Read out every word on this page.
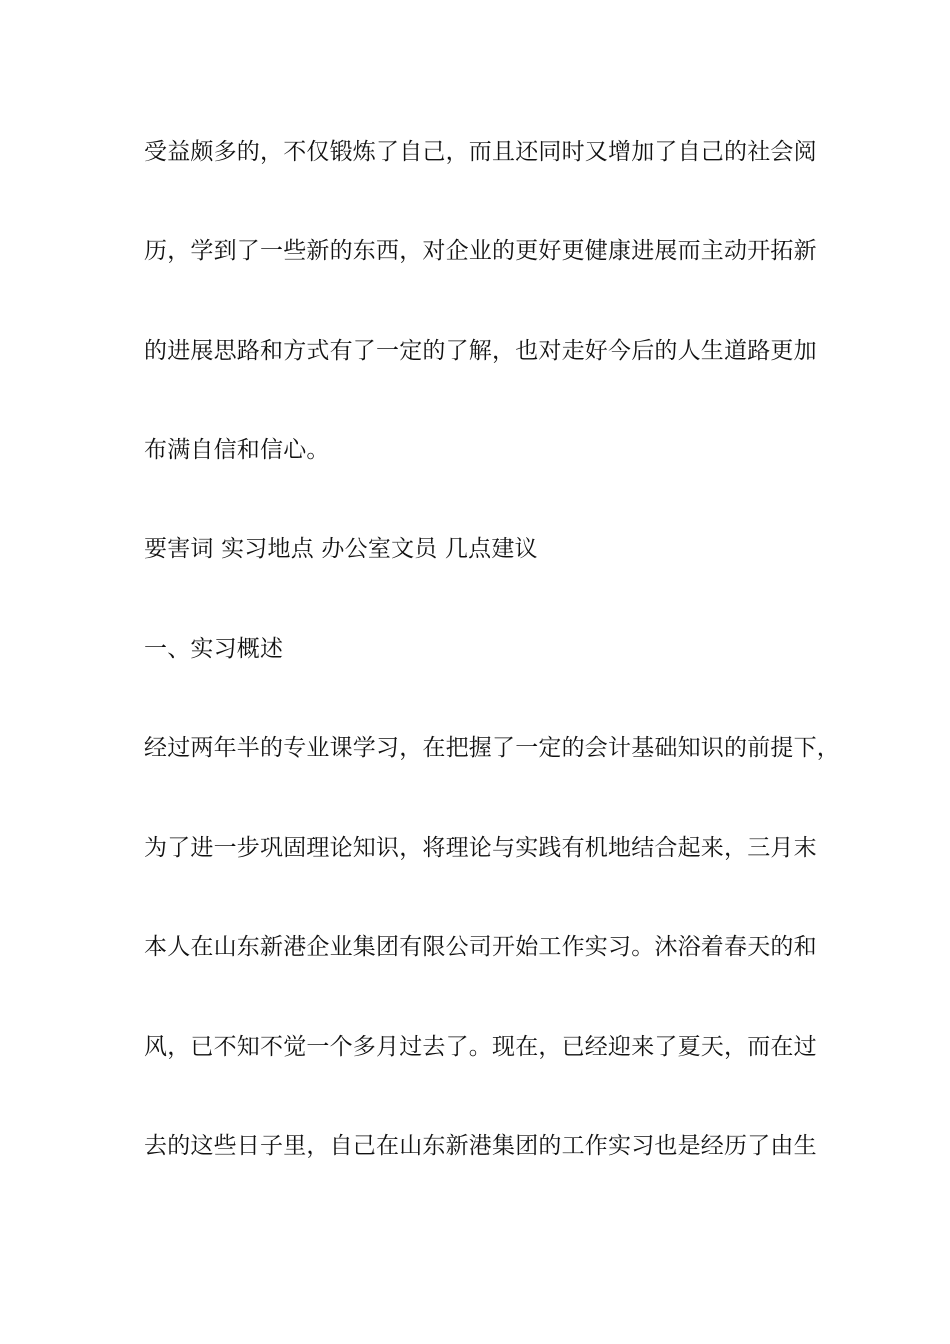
受益颇多的，不仅锻炼了自己，而且还同时又增加了自己的社会阅
历，学到了一些新的东西，对企业的更好更健康进展而主动开拓新
的进展思路和方式有了一定的了解，也对走好今后的人生道路更加
布满自信和信心。
要害词 实习地点 办公室文员 几点建议
一、实习概述
经过两年半的专业课学习，在把握了一定的会计基础知识的前提下，
为了进一步巩固理论知识，将理论与实践有机地结合起来，三月末
本人在山东新港企业集团有限公司开始工作实习。沐浴着春天的和
风，已不知不觉一个多月过去了。现在，已经迎来了夏天，而在过
去的这些日子里，自己在山东新港集团的工作实习也是经历了由生
